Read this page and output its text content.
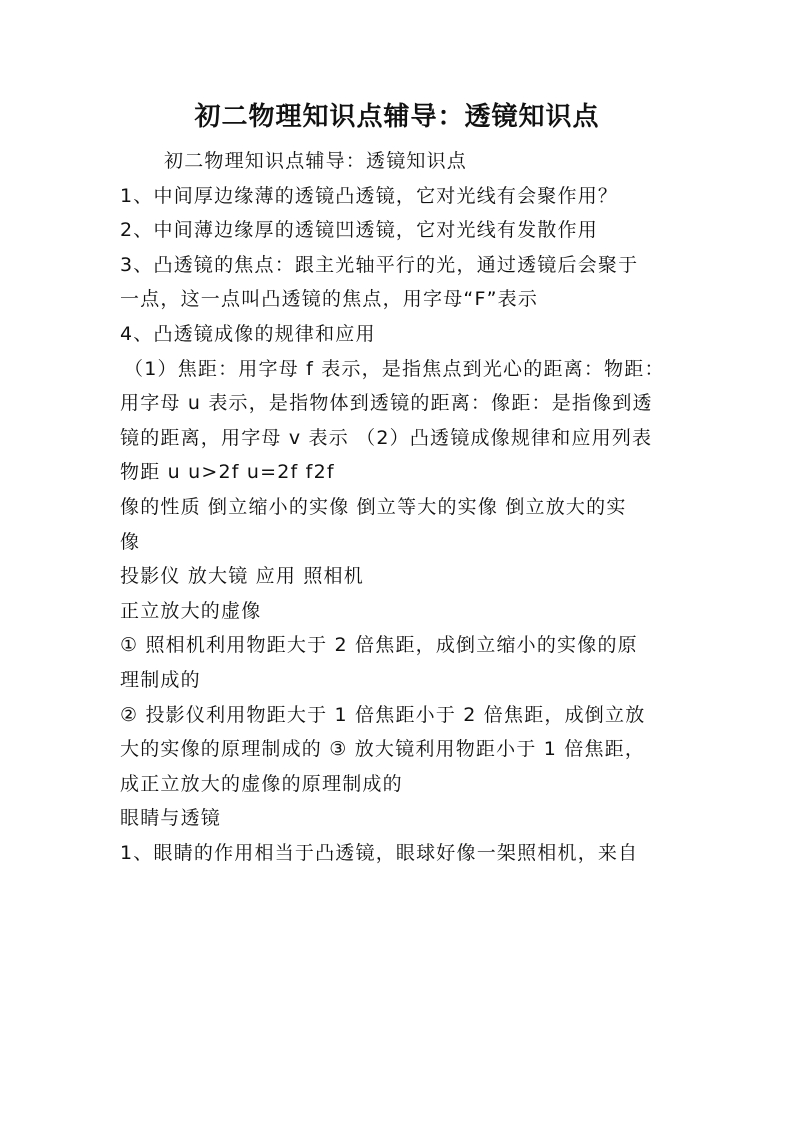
初二物理知识点辅导：透镜知识点
初二物理知识点辅导：透镜知识点
1、中间厚边缘薄的透镜凸透镜，它对光线有会聚作用？
2、中间薄边缘厚的透镜凹透镜，它对光线有发散作用
3、凸透镜的焦点：跟主光轴平行的光，通过透镜后会聚于
一点，这一点叫凸透镜的焦点，用字母“F”表示
4、凸透镜成像的规律和应用
（1）焦距：用字母 f 表示，是指焦点到光心的距离：物距：
用字母 u 表示，是指物体到透镜的距离：像距：是指像到透
镜的距离，用字母 v 表示 （2）凸透镜成像规律和应用列表
物距 u u>2f u=2f f2f
像的性质 倒立缩小的实像 倒立等大的实像 倒立放大的实
像
投影仪 放大镜 应用 照相机
正立放大的虚像
① 照相机利用物距大于 2 倍焦距，成倒立缩小的实像的原
理制成的
② 投影仪利用物距大于 1 倍焦距小于 2 倍焦距，成倒立放
大的实像的原理制成的 ③ 放大镜利用物距小于 1 倍焦距，
成正立放大的虚像的原理制成的
眼睛与透镜
1、眼睛的作用相当于凸透镜，眼球好像一架照相机，来自
